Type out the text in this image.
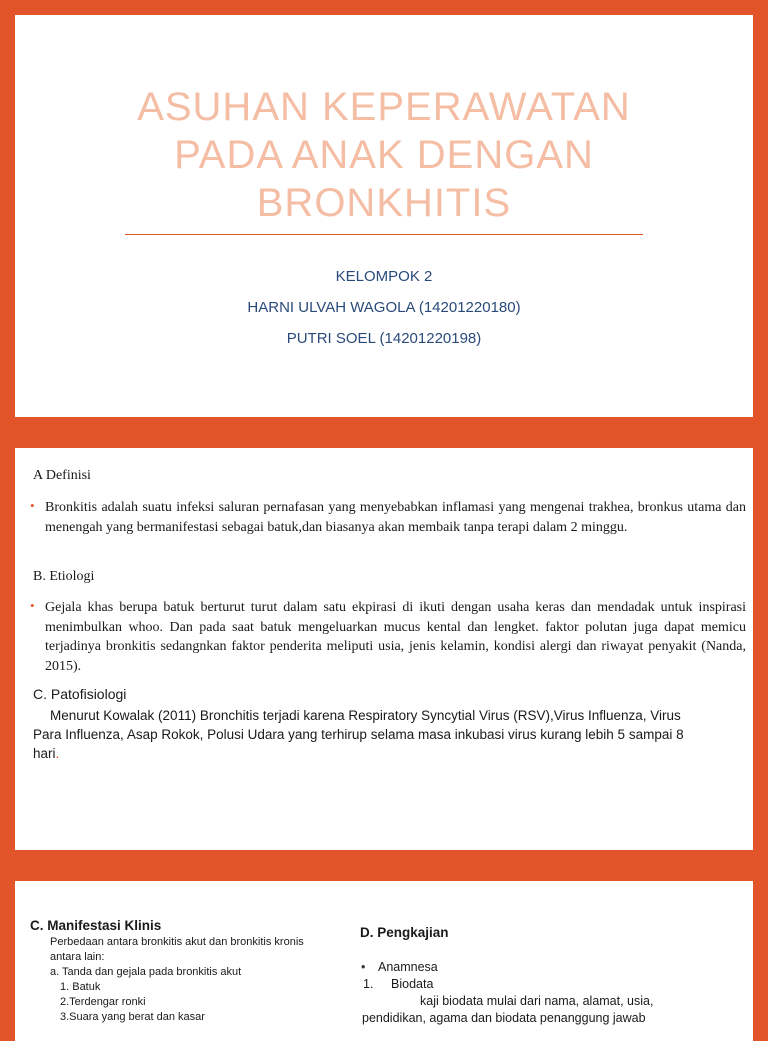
ASUHAN KEPERAWATAN
PADA ANAK DENGAN
BRONKHITIS
KELOMPOK 2
HARNI ULVAH WAGOLA (14201220180)
PUTRI SOEL (14201220198)
A Definisi
• Bronkitis adalah suatu infeksi saluran pernafasan yang menyebabkan inflamasi yang mengenai trakhea, bronkus utama dan menengah yang bermanifestasi sebagai batuk,dan biasanya akan membaik tanpa terapi dalam 2 minggu.
B. Etiologi
• Gejala khas berupa batuk berturut turut dalam satu ekpirasi di ikuti dengan usaha keras dan mendadak untuk inspirasi menimbulkan whoo. Dan pada saat batuk mengeluarkan mucus kental dan lengket. faktor polutan juga dapat memicu terjadinya bronkitis sedangnkan faktor penderita meliputi usia, jenis kelamin, kondisi alergi dan riwayat penyakit (Nanda, 2015).
C. Patofisiologi
Menurut Kowalak (2011) Bronchitis terjadi karena Respiratory Syncytial Virus (RSV),Virus Influenza, Virus
Para Influenza, Asap Rokok, Polusi Udara yang terhirup selama masa inkubasi virus kurang lebih 5 sampai 8
hari.
C. Manifestasi Klinis
Perbedaan antara bronkitis akut dan bronkitis kronis
antara lain:
a. Tanda dan gejala pada bronkitis akut
1. Batuk
2.Terdengar ronki
3.Suara yang berat dan kasar
D. Pengkajian
• Anamnesa
1. Biodata
kaji biodata mulai dari nama, alamat, usia,
pendidikan, agama dan biodata penanggung jawab
